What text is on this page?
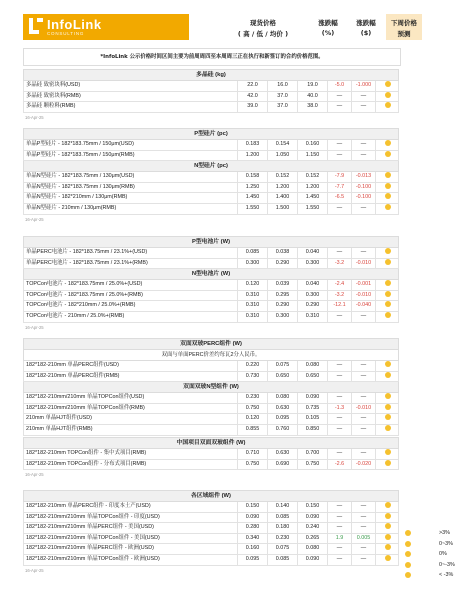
InfoLink
CONSULTING
现货价格
( 高 / 低 / 均价 )
涨跌幅
(%)
涨跌幅
($)
下周价格
预测
*InfoLink 公示价格时间区间主要为前周周四至本周周三正在执行和新签订的合约价格范围。
多晶硅 (kg)
多晶硅 致密块料(USD)	22.0	16.0	19.0	-5.0	-1.000
多晶硅 致密块料(RMB)	42.0	37.0	40.0	—	—
多晶硅 颗粒料(RMB)	39.0	37.0	38.0	—	—
16-Apr-25
P型硅片 (pc)
单晶P型硅片 - 182*183.75mm / 150μm(USD)	0.183	0.154	0.160	—	—
单晶P型硅片 - 182*183.75mm / 150μm(RMB)	1.200	1.050	1.150	—	—
N型硅片 (pc)
单晶N型硅片 - 182*183.75mm / 130μm(USD)	0.158	0.152	0.152	-7.9	-0.013
单晶N型硅片 - 182*183.75mm / 130μm(RMB)	1.250	1.200	1.200	-7.7	-0.100
单晶N型硅片 - 182*210mm / 130μm(RMB)	1.450	1.400	1.450	-6.5	-0.100
单晶N型硅片 - 210mm / 130μm(RMB)	1.550	1.500	1.550	—	—
16-Apr-25
P型电池片 (W)
单晶PERC电池片 - 182*183.75mm / 23.1%+(USD)	0.085	0.038	0.040	—	—
单晶PERC电池片 - 182*183.75mm / 23.1%+(RMB)	0.300	0.290	0.300	-3.2	-0.010
N型电池片 (W)
TOPCon电池片 - 182*183.75mm / 25.0%+(USD)	0.120	0.039	0.040	-2.4	-0.001
TOPCon电池片 - 182*183.75mm / 25.0%+(RMB)	0.310	0.295	0.300	-3.2	-0.010
TOPCon电池片 - 182*210mm / 25.0%+(RMB)	0.310	0.290	0.290	-12.1	-0.040
TOPCon电池片 - 210mm / 25.0%+(RMB)	0.310	0.300	0.310	—	—
16-Apr-25
双面双玻PERC组件 (W)
双面与单面PERC价差约每瓦2分人民币。
182*182-210mm 单晶PERC组件(USD)	0.220	0.075	0.080	—	—
182*182-210mm 单晶PERC组件(RMB)	0.730	0.650	0.650	—	—
双面双玻N型组件 (W)
182*182-210mm/210mm 单晶TOPCon组件(USD)	0.230	0.080	0.090	—	—
182*182-210mm/210mm 单晶TOPCon组件(RMB)	0.750	0.630	0.735	-1.3	-0.010
210mm 单晶HJT组件(USD)	0.120	0.095	0.105	—	—
210mm 单晶HJT组件(RMB)	0.855	0.760	0.850	—	—
中国项目双面双玻组件 (W)
182*182-210mm TOPCon组件 - 集中式项目(RMB)	0.710	0.630	0.700	—	—
182*182-210mm TOPCon组件 - 分布式项目(RMB)	0.750	0.690	0.750	-2.6	-0.020
16-Apr-25
各区域组件 (W)
182*182-210mm 单晶PERC组件 - 印度本土产(USD)	0.150	0.140	0.150	—	—
182*182-210mm/210mm 单晶TOPCon组件 - 印度(USD)	0.090	0.085	0.090	—	—
182*182-210mm/210mm 单晶PERC组件 - 美国(USD)	0.280	0.180	0.240	—	—
182*182-210mm/210mm 单晶TOPCon组件 - 美国(USD)	0.340	0.230	0.265	1.9	0.005
182*182-210mm/210mm 单晶PERC组件 - 欧洲(USD)	0.160	0.075	0.080	—	—
182*182-210mm/210mm 单晶TOPCon组件 - 欧洲(USD)	0.095	0.085	0.090	—	—
16-Apr-25
>3%
0~3%
0%
0~-3%
< -3%
